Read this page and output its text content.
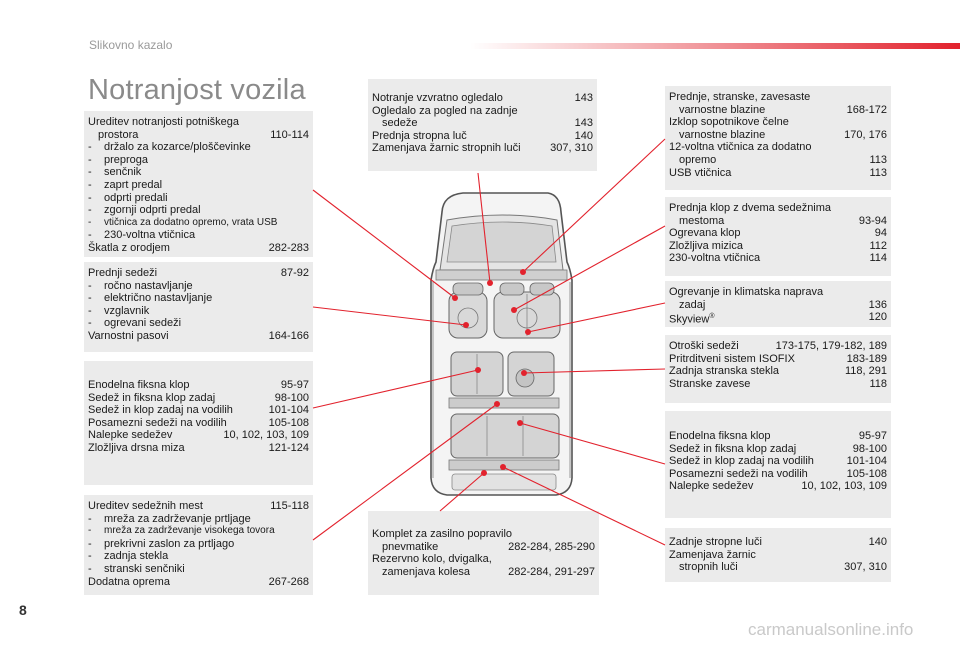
Slikovno kazalo
Notranjost vozila
Ureditev notranjosti potniškega
prostora	110-114
-	držalo za kozarce/ploščevinke
-	preproga
-	senčnik
-	zaprt predal
-	odprti predali
-	zgornji odprti predal
-	vtičnica za dodatno opremo, vrata USB
-	230-voltna vtičnica
Škatla z orodjem	282-283
Prednji sedeži	87-92
-	ročno nastavljanje
-	električno nastavljanje
-	vzglavnik
-	ogrevani sedeži
Varnostni pasovi	164-166
Enodelna fiksna klop	95-97
Sedež in fiksna klop zadaj	98-100
Sedež in klop zadaj na vodilih	101-104
Posamezni sedeži na vodilih	105-108
Nalepke sedežev	10, 102, 103, 109
Zložljiva drsna miza	121-124
Ureditev sedežnih mest	115-118
-	mreža za zadrževanje prtljage
-	mreža za zadrževanje visokega tovora
-	prekrivni zaslon za prtljago
-	zadnja stekla
-	stranski senčniki
Dodatna oprema	267-268
Notranje vzvratno ogledalo	143
Ogledalo za pogled na zadnje
sedeže	143
Prednja stropna luč	140
Zamenjava žarnic stropnih luči	307, 310
Komplet za zasilno popravilo
pnevmatike	282-284, 285-290
Rezervno kolo, dvigalka,
zamenjava kolesa	282-284, 291-297
Prednje, stranske, zavesaste
varnostne blazine	168-172
Izklop sopotnikove čelne
varnostne blazine	170, 176
12-voltna vtičnica za dodatno
opremo	113
USB vtičnica	113
Prednja klop z dvema sedežnima
mestoma	93-94
Ogrevana klop	94
Zložljiva mizica	112
230-voltna vtičnica	114
Ogrevanje in klimatska naprava
zadaj	136
Skyview®	120
Otroški sedeži	173-175, 179-182, 189
Pritrditveni sistem ISOFIX	183-189
Zadnja stranska stekla	118, 291
Stranske zavese	118
Enodelna fiksna klop	95-97
Sedež in fiksna klop zadaj	98-100
Sedež in klop zadaj na vodilih	101-104
Posamezni sedeži na vodilih	105-108
Nalepke sedežev	10, 102, 103, 109
Zadnje stropne luči	140
Zamenjava žarnic
stropnih luči	307, 310
8
carmanualsonline.info
